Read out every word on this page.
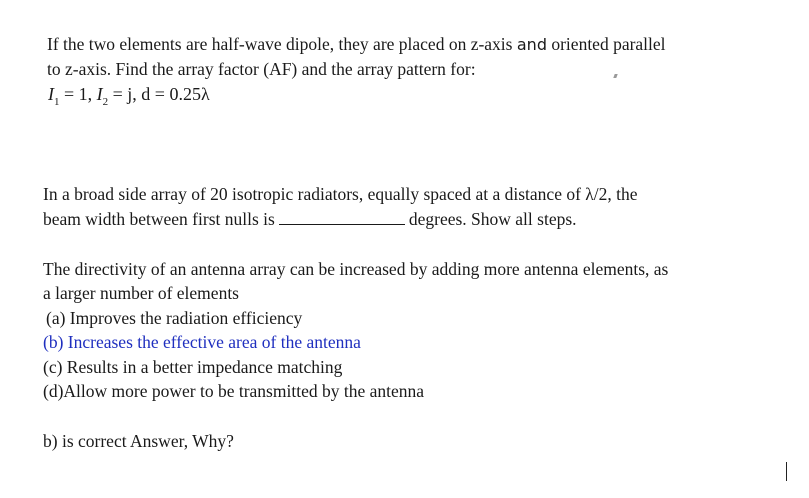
If the two elements are half-wave dipole, they are placed on z-axis and oriented parallel
to z-axis. Find the array factor (AF) and the array pattern for:
$I_1 = 1$, $I_2 = j$, d = 0.25λ
In a broad side array of 20 isotropic radiators, equally spaced at a distance of λ/2, the
beam width between first nulls is	degrees. Show all steps.
The directivity of an antenna array can be increased by adding more antenna elements, as
a larger number of elements
(a) Improves the radiation efficiency
(b) Increases the effective area of the antenna
(c) Results in a better impedance matching
(d)Allow more power to be transmitted by the antenna
b) is correct Answer, Why?
